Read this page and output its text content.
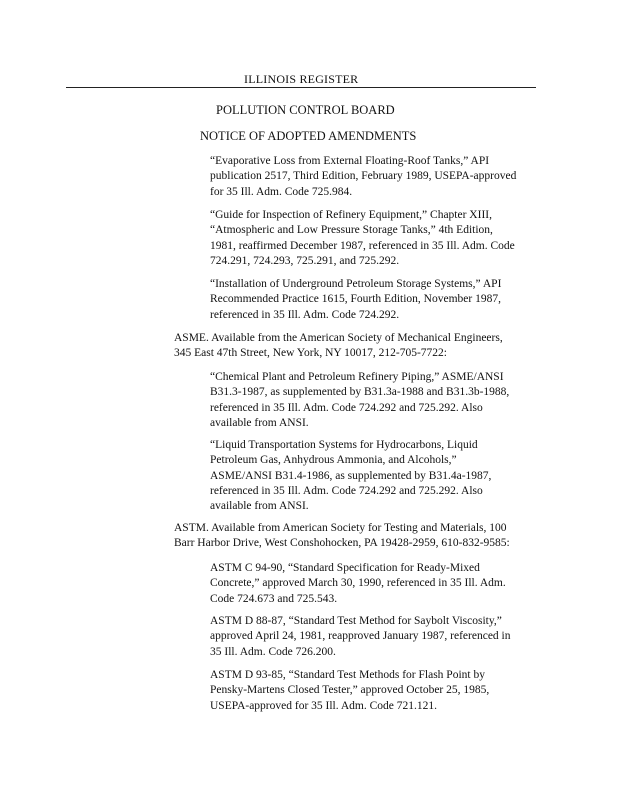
ILLINOIS REGISTER
POLLUTION CONTROL BOARD
NOTICE OF ADOPTED AMENDMENTS
“Evaporative Loss from External Floating-Roof Tanks,” API
publication 2517, Third Edition, February 1989, USEPA-approved
for 35 Ill. Adm. Code 725.984.
“Guide for Inspection of Refinery Equipment,” Chapter XIII,
“Atmospheric and Low Pressure Storage Tanks,” 4th Edition,
1981, reaffirmed December 1987, referenced in 35 Ill. Adm. Code
724.291, 724.293, 725.291, and 725.292.
“Installation of Underground Petroleum Storage Systems,” API
Recommended Practice 1615, Fourth Edition, November 1987,
referenced in 35 Ill. Adm. Code 724.292.
ASME. Available from the American Society of Mechanical Engineers,
345 East 47th Street, New York, NY 10017, 212-705-7722:
“Chemical Plant and Petroleum Refinery Piping,” ASME/ANSI
B31.3-1987, as supplemented by B31.3a-1988 and B31.3b-1988,
referenced in 35 Ill. Adm. Code 724.292 and 725.292. Also
available from ANSI.
“Liquid Transportation Systems for Hydrocarbons, Liquid
Petroleum Gas, Anhydrous Ammonia, and Alcohols,”
ASME/ANSI B31.4-1986, as supplemented by B31.4a-1987,
referenced in 35 Ill. Adm. Code 724.292 and 725.292. Also
available from ANSI.
ASTM. Available from American Society for Testing and Materials, 100
Barr Harbor Drive, West Conshohocken, PA 19428-2959, 610-832-9585:
ASTM C 94-90, “Standard Specification for Ready-Mixed
Concrete,” approved March 30, 1990, referenced in 35 Ill. Adm.
Code 724.673 and 725.543.
ASTM D 88-87, “Standard Test Method for Saybolt Viscosity,”
approved April 24, 1981, reapproved January 1987, referenced in
35 Ill. Adm. Code 726.200.
ASTM D 93-85, “Standard Test Methods for Flash Point by
Pensky-Martens Closed Tester,” approved October 25, 1985,
USEPA-approved for 35 Ill. Adm. Code 721.121.
